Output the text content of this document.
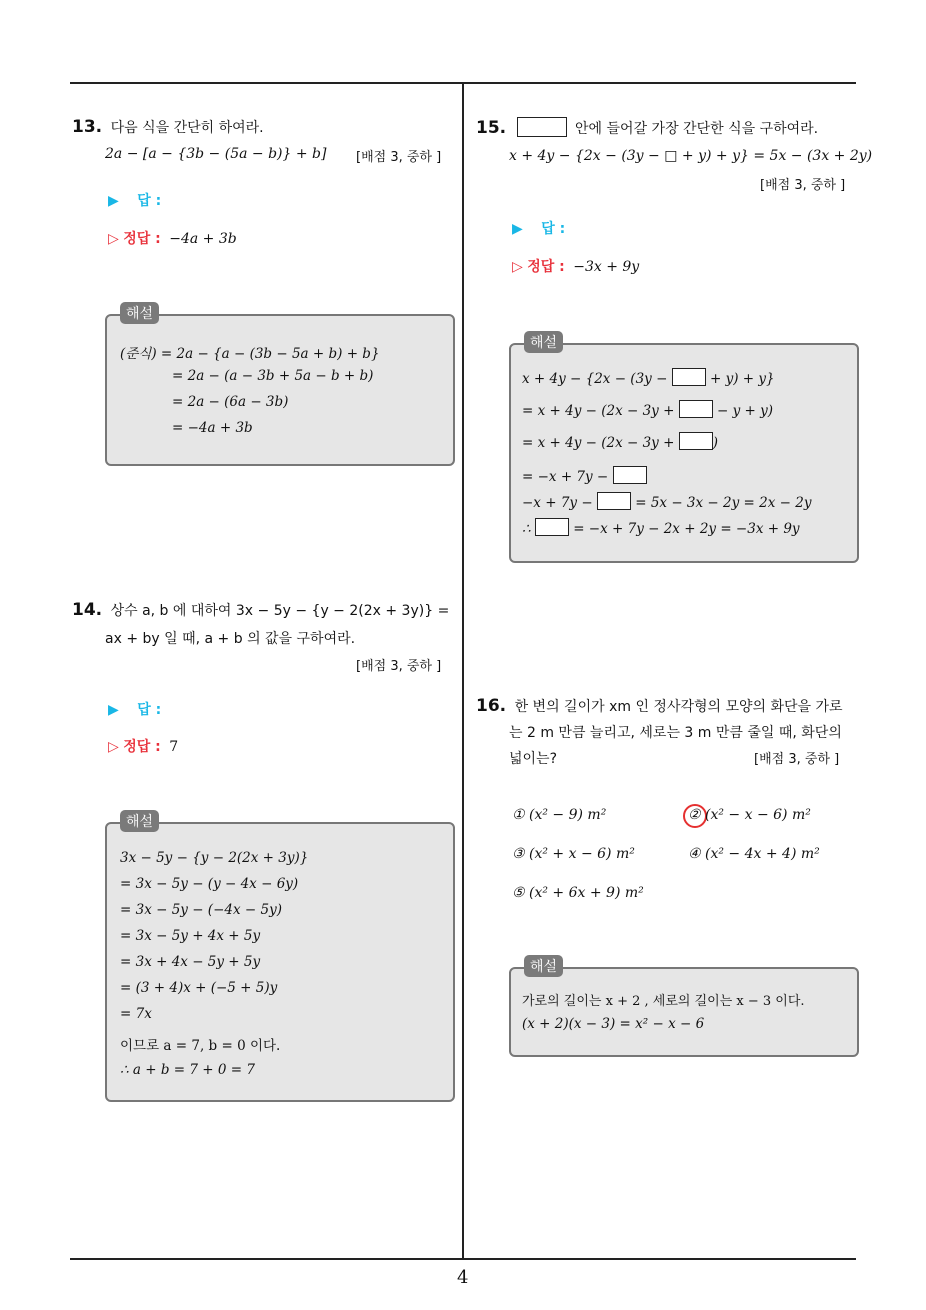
4
13. 다음 식을 간단히 하여라.
2a − [a − {3b − (5a − b)} + b] [배점 3, 중하 ]
▶ 답 :
▷ 정답 : −4a + 3b
해설
(준식) = 2a − {a − (3b − 5a + b) + b}
= 2a − (a − 3b + 5a − b + b)
= 2a − (6a − 3b)
= −4a + 3b
14. 상수 a, b 에 대하여 3x − 5y − {y − 2(2x + 3y)} =
ax + by 일 때, a + b 의 값을 구하여라.
[배점 3, 중하 ]
▶ 답 :
▷ 정답 : 7
해설
3x − 5y − {y − 2(2x + 3y)}
= 3x − 5y − (y − 4x − 6y)
= 3x − 5y − (−4x − 5y)
= 3x − 5y + 4x + 5y
= 3x + 4x − 5y + 5y
= (3 + 4)x + (−5 + 5)y
= 7x
이므로 a = 7, b = 0 이다.
∴ a + b = 7 + 0 = 7
15.	안에 들어갈 가장 간단한 식을 구하여라.
x + 4y − {2x − (3y − □ + y) + y} = 5x − (3x + 2y)
[배점 3, 중하 ]
▶ 답 :
▷ 정답 : −3x + 9y
해설
x + 4y − {2x − (3y −	+ y) + y}
= x + 4y − (2x − 3y +	− y + y)
= x + 4y − (2x − 3y +	)
= −x + 7y −
−x + 7y −	= 5x − 3x − 2y = 2x − 2y
∴	= −x + 7y − 2x + 2y = −3x + 9y
16. 한 변의 길이가 xm 인 정사각형의 모양의 화단을 가로
는 2 m 만큼 늘리고, 세로는 3 m 만큼 줄일 때, 화단의
넓이는?	[배점 3, 중하 ]
① (x² − 9) m²	② (x² − x − 6) m²
③ (x² + x − 6) m²	④ (x² − 4x + 4) m²
⑤ (x² + 6x + 9) m²
해설
가로의 길이는 x + 2 , 세로의 길이는 x − 3 이다.
(x + 2)(x − 3) = x² − x − 6
